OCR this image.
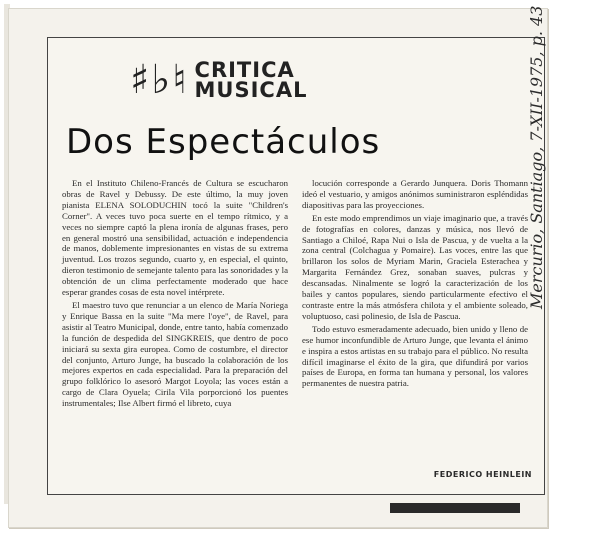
♯♭♮ CRITICA
MUSICAL
Dos Espectáculos

En el Instituto Chileno-Francés de Cultura se escucharon obras de Ravel y Debussy. De este último, la muy joven pianista ELENA SOLODUCHIN tocó la suite "Children's Corner". A veces tuvo poca suerte en el tempo rítmico, y a veces no siempre captó la plena ironía de algunas frases, pero en general mostró una sensibilidad, actuación e independencia de manos, doblemente impresionantes en vistas de su extrema juventud. Los trozos segundo, cuarto y, en especial, el quinto, dieron testimonio de semejante talento para las sonoridades y la obtención de un clima perfectamente moderado que hace esperar grandes cosas de esta novel intérprete.

El maestro tuvo que renunciar a un elenco de María Noriega y Enrique Bassa en la suite "Ma mere l'oye", de Ravel, para asistir al Teatro Municipal, donde, entre tanto, había comenzado la función de despedida del SINGKREIS, que dentro de poco iniciará su sexta gira europea. Como de costumbre, el director del conjunto, Arturo Junge, ha buscado la colaboración de los mejores expertos en cada especialidad. Para la preparación del grupo folklórico lo asesoró Margot Loyola; las voces están a cargo de Clara Oyuela; Cirila Vila porporcionó los puentes instrumentales; Ilse Albert firmó el libreto, cuya

locución corresponde a Gerardo Junquera. Doris Thomann ideó el vestuario, y amigos anónimos suministraron espléndidas diapositivas para las proyecciones.

En este modo emprendimos un viaje imaginario que, a través de fotografías en colores, danzas y música, nos llevó de Santiago a Chiloé, Rapa Nui o Isla de Pascua, y de vuelta a la zona central (Colchagua y Pomaire). Las voces, entre las que brillaron los solos de Myriam Marin, Graciela Esterachea y Margarita Fernández Grez, sonaban suaves, pulcras y descansadas. Ninalmente se logró la caracterización de los bailes y cantos populares, siendo particularmente efectivo el contraste entre la más atmósfera chilota y el ambiente soleado, voluptuoso, casi polinesio, de Isla de Pascua.

Todo estuvo esmeradamente adecuado, bien unido y lleno de ese humor inconfundible de Arturo Junge, que levanta el ánimo e inspira a estos artistas en su trabajo para el público. No resulta difícil imaginarse el éxito de la gira, que difundirá por varios países de Europa, en forma tan humana y personal, los valores permanentes de nuestra patria.

FEDERICO HEINLEIN
Mercurio, Santiago, 7-XII-1975, p. 43
